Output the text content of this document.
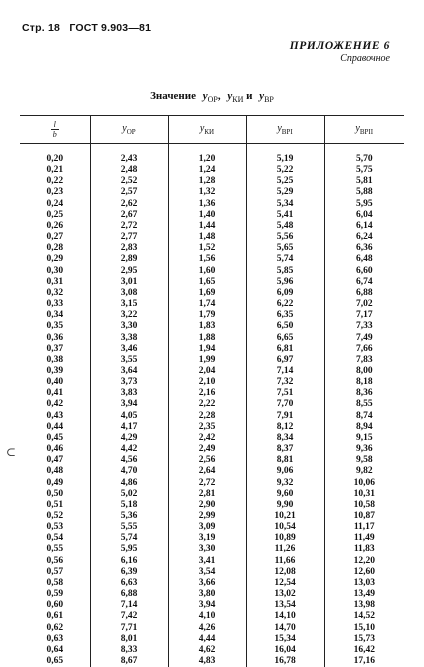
Стр. 18 ГОСТ 9.903—81
ПРИЛОЖЕНИЕ 6
Справочное
Значение $y_{ОР}$, $y_{КИ}$ и $y_{ВР}$
⊂
$\frac{l}{b}$	$y_{ОР}$	$y_{КИ}$	$y_{BPI}$	$y_{ВРII}$
0,20	2,43	1,20	5,19	5,70
0,21	2,48	1,24	5,22	5,75
0,22	2,52	1,28	5,25	5,81
0,23	2,57	1,32	5,29	5,88
0,24	2,62	1,36	5,34	5,95
0,25	2,67	1,40	5,41	6,04
0,26	2,72	1,44	5,48	6,14
0,27	2,77	1,48	5,56	6,24
0,28	2,83	1,52	5,65	6,36
0,29	2,89	1,56	5,74	6,48
0,30	2,95	1,60	5,85	6,60
0,31	3,01	1,65	5,96	6,74
0,32	3,08	1,69	6,09	6,88
0,33	3,15	1,74	6,22	7,02
0,34	3,22	1,79	6,35	7,17
0,35	3,30	1,83	6,50	7,33
0,36	3,38	1,88	6,65	7,49
0,37	3,46	1,94	6,81	7,66
0,38	3,55	1,99	6,97	7,83
0,39	3,64	2,04	7,14	8,00
0,40	3,73	2,10	7,32	8,18
0,41	3,83	2,16	7,51	8,36
0,42	3,94	2,22	7,70	8,55
0,43	4,05	2,28	7,91	8,74
0,44	4,17	2,35	8,12	8,94
0,45	4,29	2,42	8,34	9,15
0,46	4,42	2,49	8,37	9,36
0,47	4,56	2,56	8,81	9,58
0,48	4,70	2,64	9,06	9,82
0,49	4,86	2,72	9,32	10,06
0,50	5,02	2,81	9,60	10,31
0,51	5,18	2,90	9,90	10,58
0,52	5,36	2,99	10,21	10,87
0,53	5,55	3,09	10,54	11,17
0,54	5,74	3,19	10,89	11,49
0,55	5,95	3,30	11,26	11,83
0,56	6,16	3,41	11,66	12,20
0,57	6,39	3,54	12,08	12,60
0,58	6,63	3,66	12,54	13,03
0,59	6,88	3,80	13,02	13,49
0,60	7,14	3,94	13,54	13,98
0,61	7,42	4,10	14,10	14,52
0,62	7,71	4,26	14,70	15,10
0,63	8,01	4,44	15,34	15,73
0,64	8,33	4,62	16,04	16,42
0,65	8,67	4,83	16,78	17,16
